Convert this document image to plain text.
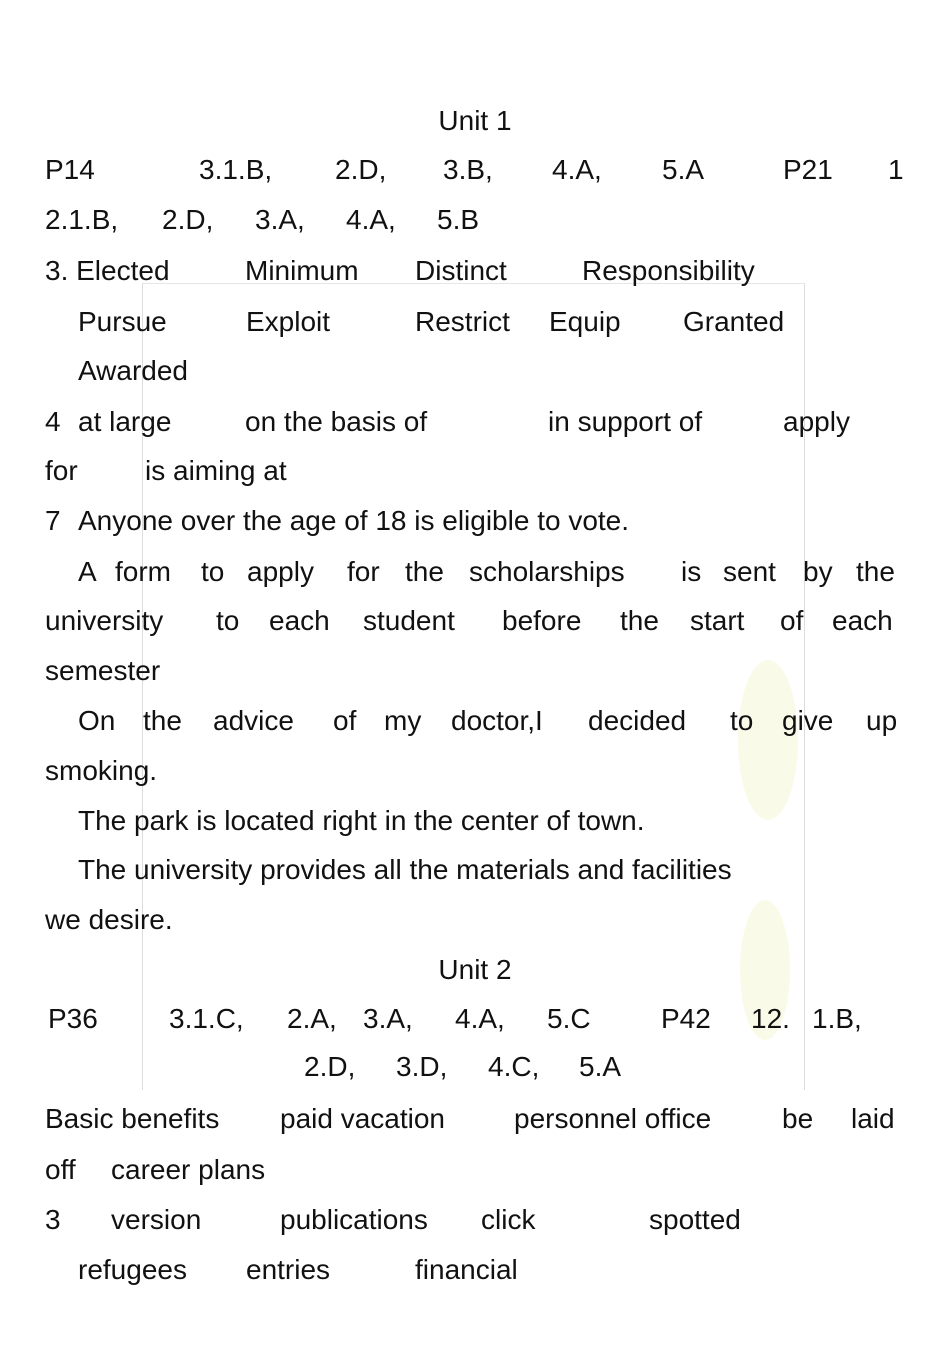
Unit 1
P14	3.1.B, 2.D, 3.B, 4.A, 5.A	P21 1
2.1.B, 2.D, 3.A, 4.A, 5.B
3. Elected	Minimum Distinct	Responsibility
Pursue	Exploit	Restrict Equip Granted
Awarded
4 at large	on the basis of	in support of	apply
for is aiming at
7 Anyone over the age of 18 is eligible to vote.
A form to apply for the scholarships is sent by the
university to each student before the start of each
semester
On the advice of my doctor,I decided to give up
smoking.
The park is located right in the center of town.
The university provides all the materials and facilities
we desire.
Unit 2
P36	3.1.C, 2.A, 3.A, 4.A, 5.C	P42 12. 1.B,
2.D, 3.D, 4.C, 5.A
Basic benefits paid vacation personnel office	be laid
off career plans
3 version	publications click	spotted
refugees entries	financial
